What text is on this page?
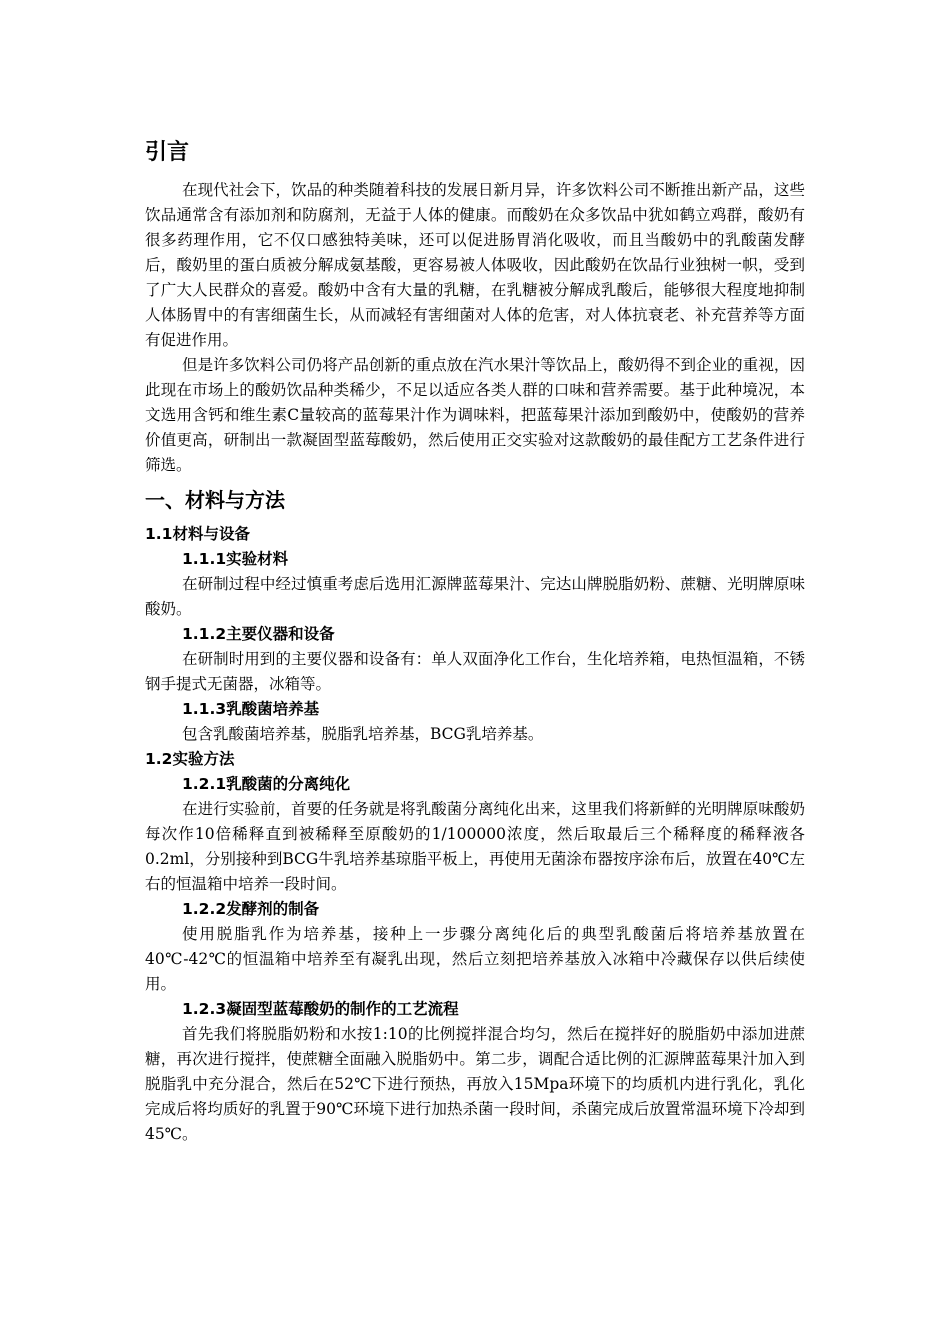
引言

在现代社会下，饮品的种类随着科技的发展日新月异，许多饮料公司不断推出新产品，这些饮品通常含有添加剂和防腐剂，无益于人体的健康。而酸奶在众多饮品中犹如鹤立鸡群，酸奶有很多药理作用，它不仅口感独特美味，还可以促进肠胃消化吸收，而且当酸奶中的乳酸菌发酵后，酸奶里的蛋白质被分解成氨基酸，更容易被人体吸收，因此酸奶在饮品行业独树一帜，受到了广大人民群众的喜爱。酸奶中含有大量的乳糖，在乳糖被分解成乳酸后，能够很大程度地抑制人体肠胃中的有害细菌生长，从而减轻有害细菌对人体的危害，对人体抗衰老、补充营养等方面有促进作用。

但是许多饮料公司仍将产品创新的重点放在汽水果汁等饮品上，酸奶得不到企业的重视，因此现在市场上的酸奶饮品种类稀少，不足以适应各类人群的口味和营养需要。基于此种境况，本文选用含钙和维生素C量较高的蓝莓果汁作为调味料，把蓝莓果汁添加到酸奶中，使酸奶的营养价值更高，研制出一款凝固型蓝莓酸奶，然后使用正交实验对这款酸奶的最佳配方工艺条件进行筛选。

一、材料与方法
1.1材料与设备
1.1.1实验材料

在研制过程中经过慎重考虑后选用汇源牌蓝莓果汁、完达山牌脱脂奶粉、蔗糖、光明牌原味酸奶。

1.1.2主要仪器和设备

在研制时用到的主要仪器和设备有：单人双面净化工作台，生化培养箱，电热恒温箱，不锈钢手提式无菌器，冰箱等。

1.1.3乳酸菌培养基

包含乳酸菌培养基，脱脂乳培养基，BCG乳培养基。

1.2实验方法
1.2.1乳酸菌的分离纯化

在进行实验前，首要的任务就是将乳酸菌分离纯化出来，这里我们将新鲜的光明牌原味酸奶每次作10倍稀释直到被稀释至原酸奶的1/100000浓度，然后取最后三个稀释度的稀释液各0.2ml，分别接种到BCG牛乳培养基琼脂平板上，再使用无菌涂布器按序涂布后，放置在40℃左右的恒温箱中培养一段时间。

1.2.2发酵剂的制备

使用脱脂乳作为培养基，接种上一步骤分离纯化后的典型乳酸菌后将培养基放置在40℃-42℃的恒温箱中培养至有凝乳出现，然后立刻把培养基放入冰箱中冷藏保存以供后续使用。

1.2.3凝固型蓝莓酸奶的制作的工艺流程

首先我们将脱脂奶粉和水按1:10的比例搅拌混合均匀，然后在搅拌好的脱脂奶中添加进蔗糖，再次进行搅拌，使蔗糖全面融入脱脂奶中。第二步，调配合适比例的汇源牌蓝莓果汁加入到脱脂乳中充分混合，然后在52℃下进行预热，再放入15Mpa环境下的均质机内进行乳化，乳化完成后将均质好的乳置于90℃环境下进行加热杀菌一段时间，杀菌完成后放置常温环境下冷却到45℃。
